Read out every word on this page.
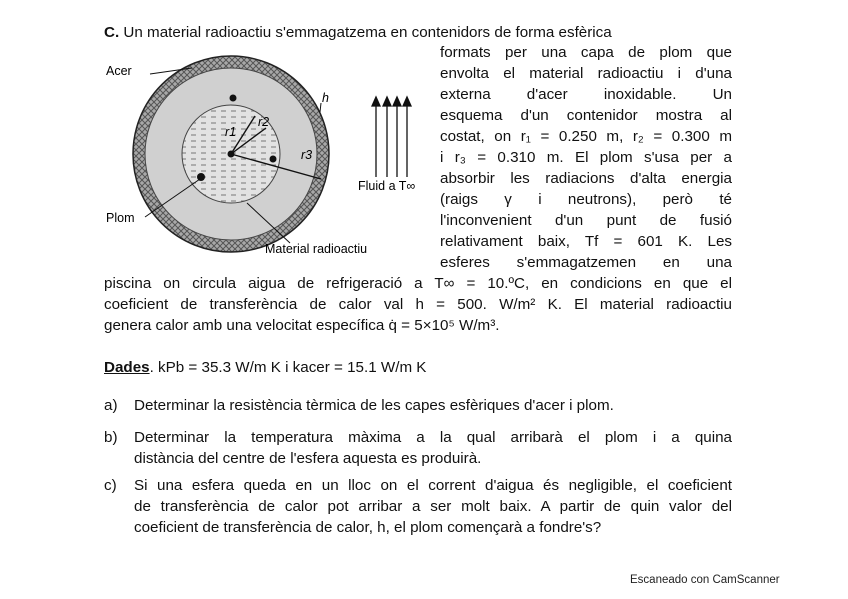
C. Un material radioactiu s'emmagatzema en contenidors de forma esfèrica
Acer
Plom
Material radioactiu
h
r1
r2
r3
Fluid a T∞
formats per una capa de plom que
envolta el material radioactiu i d'una
externa d'acer inoxidable. Un
esquema d'un contenidor mostra al
costat, on r₁ = 0.250 m, r₂ = 0.300 m
i r₃ = 0.310 m. El plom s'usa per a
absorbir les radiacions d'alta energia
(raigs γ i neutrons), però té
l'inconvenient d'un punt de fusió
relativament baix, Tf = 601 K. Les
esferes s'emmagatzemen en una
piscina on circula aigua de refrigeració a T∞ = 10.ºC, en condicions en que el
coeficient de transferència de calor val h = 500. W/m² K. El material radioactiu
genera calor amb una velocitat específica q̇ = 5×10⁵ W/m³.
Dades. kPb = 35.3 W/m K i kacer = 15.1 W/m K
a) Determinar la resistència tèrmica de les capes esfèriques d'acer i plom.
b) Determinar la temperatura màxima a la qual arribarà el plom i a quina
distància del centre de l'esfera aquesta es produirà.
c) Si una esfera queda en un lloc on el corrent d'aigua és negligible, el coeficient
de transferència de calor pot arribar a ser molt baix. A partir de quin valor del
coeficient de transferència de calor, h, el plom començarà a fondre's?
Escaneado con CamScanner
